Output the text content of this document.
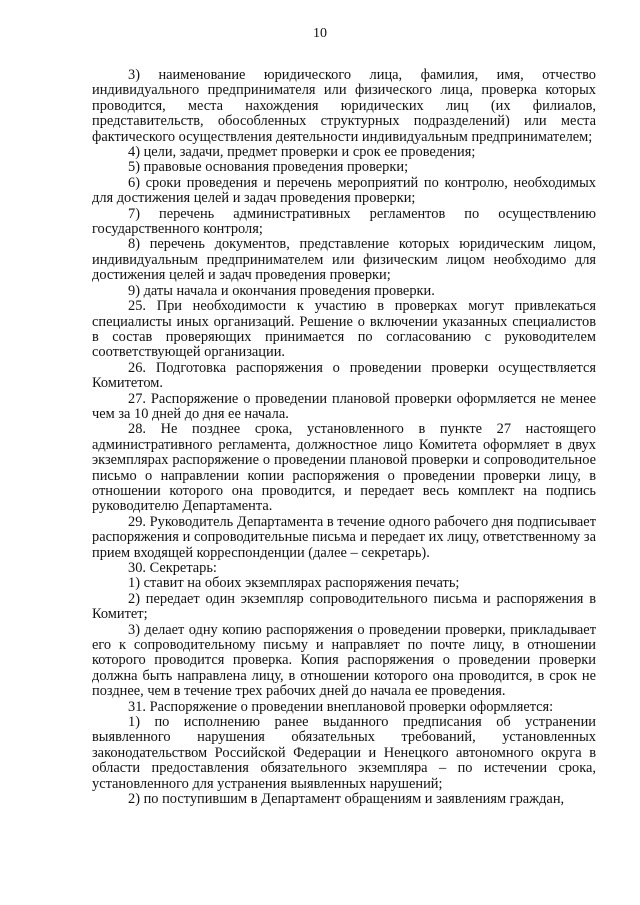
10

3) наименование юридического лица, фамилия, имя, отчество индивидуального предпринимателя или физического лица, проверка которых проводится, места нахождения юридических лиц (их филиалов, представительств, обособленных структурных подразделений) или места фактического осуществления деятельности индивидуальным предпринимателем;

4) цели, задачи, предмет проверки и срок ее проведения;

5) правовые основания проведения проверки;

6) сроки проведения и перечень мероприятий по контролю, необходимых для достижения целей и задач проведения проверки;

7) перечень административных регламентов по осуществлению государственного контроля;

8) перечень документов, представление которых юридическим лицом, индивидуальным предпринимателем или физическим лицом необходимо для достижения целей и задач проведения проверки;

9) даты начала и окончания проведения проверки.

25. При необходимости к участию в проверках могут привлекаться специалисты иных организаций. Решение о включении указанных специалистов в состав проверяющих принимается по согласованию с руководителем соответствующей организации.

26. Подготовка распоряжения о проведении проверки осуществляется Комитетом.

27. Распоряжение о проведении плановой проверки оформляется не менее чем за 10 дней до дня ее начала.

28. Не позднее срока, установленного в пункте 27 настоящего административного регламента, должностное лицо Комитета оформляет в двух экземплярах распоряжение о проведении плановой проверки и сопроводительное письмо о направлении копии распоряжения о проведении проверки лицу, в отношении которого она проводится, и передает весь комплект на подпись руководителю Департамента.

29. Руководитель Департамента в течение одного рабочего дня подписывает распоряжения и сопроводительные письма и передает их лицу, ответственному за прием входящей корреспонденции (далее – секретарь).

30. Секретарь:

1) ставит на обоих экземплярах распоряжения печать;

2) передает один экземпляр сопроводительного письма и распоряжения в Комитет;

3) делает одну копию распоряжения о проведении проверки, прикладывает его к сопроводительному письму и направляет по почте лицу, в отношении которого проводится проверка. Копия распоряжения о проведении проверки должна быть направлена лицу, в отношении которого она проводится, в срок не позднее, чем в течение трех рабочих дней до начала ее проведения.

31. Распоряжение о проведении внеплановой проверки оформляется:

1) по исполнению ранее выданного предписания об устранении выявленного нарушения обязательных требований, установленных законодательством Российской Федерации и Ненецкого автономного округа в области предоставления обязательного экземпляра – по истечении срока, установленного для устранения выявленных нарушений;

2) по поступившим в Департамент обращениям и заявлениям граждан,
